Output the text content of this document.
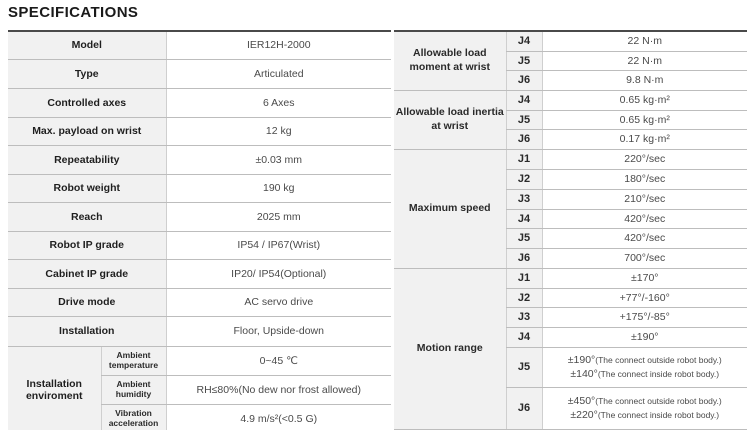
SPECIFICATIONS
Model		IER12H-2000
Type		Articulated
Controlled axes		6 Axes
Max. payload on wrist		12 kg
Repeatability		±0.03 mm
Robot weight		190 kg
Reach		2025 mm
Robot IP grade		IP54 / IP67(Wrist)
Cabinet IP grade		IP20/ IP54(Optional)
Drive mode		AC servo drive
Installation		Floor, Upside-down
Installation enviroment	Ambient temperature	0~45 ℃
	Ambient humidity	RH≤80%(No dew nor frost allowed)
	Vibration acceleration	4.9 m/s²(<0.5 G)
Allowable load moment at wrist	J4	22 N·m
	J5	22 N·m
	J6	9.8 N·m
Allowable load inertia at wrist	J4	0.65 kg·m²
	J5	0.65 kg·m²
	J6	0.17 kg·m²
Maximum speed	J1	220°/sec
	J2	180°/sec
	J3	210°/sec
	J4	420°/sec
	J5	420°/sec
	J6	700°/sec
Motion range	J1	±170°
	J2	+77°/-160°
	J3	+175°/-85°
	J4	±190°
	J5	±190°(The connect outside robot body.)
±140°(The connect inside robot body.)

	J6	±450°(The connect outside robot body.)
±220°(The connect inside robot body.)
